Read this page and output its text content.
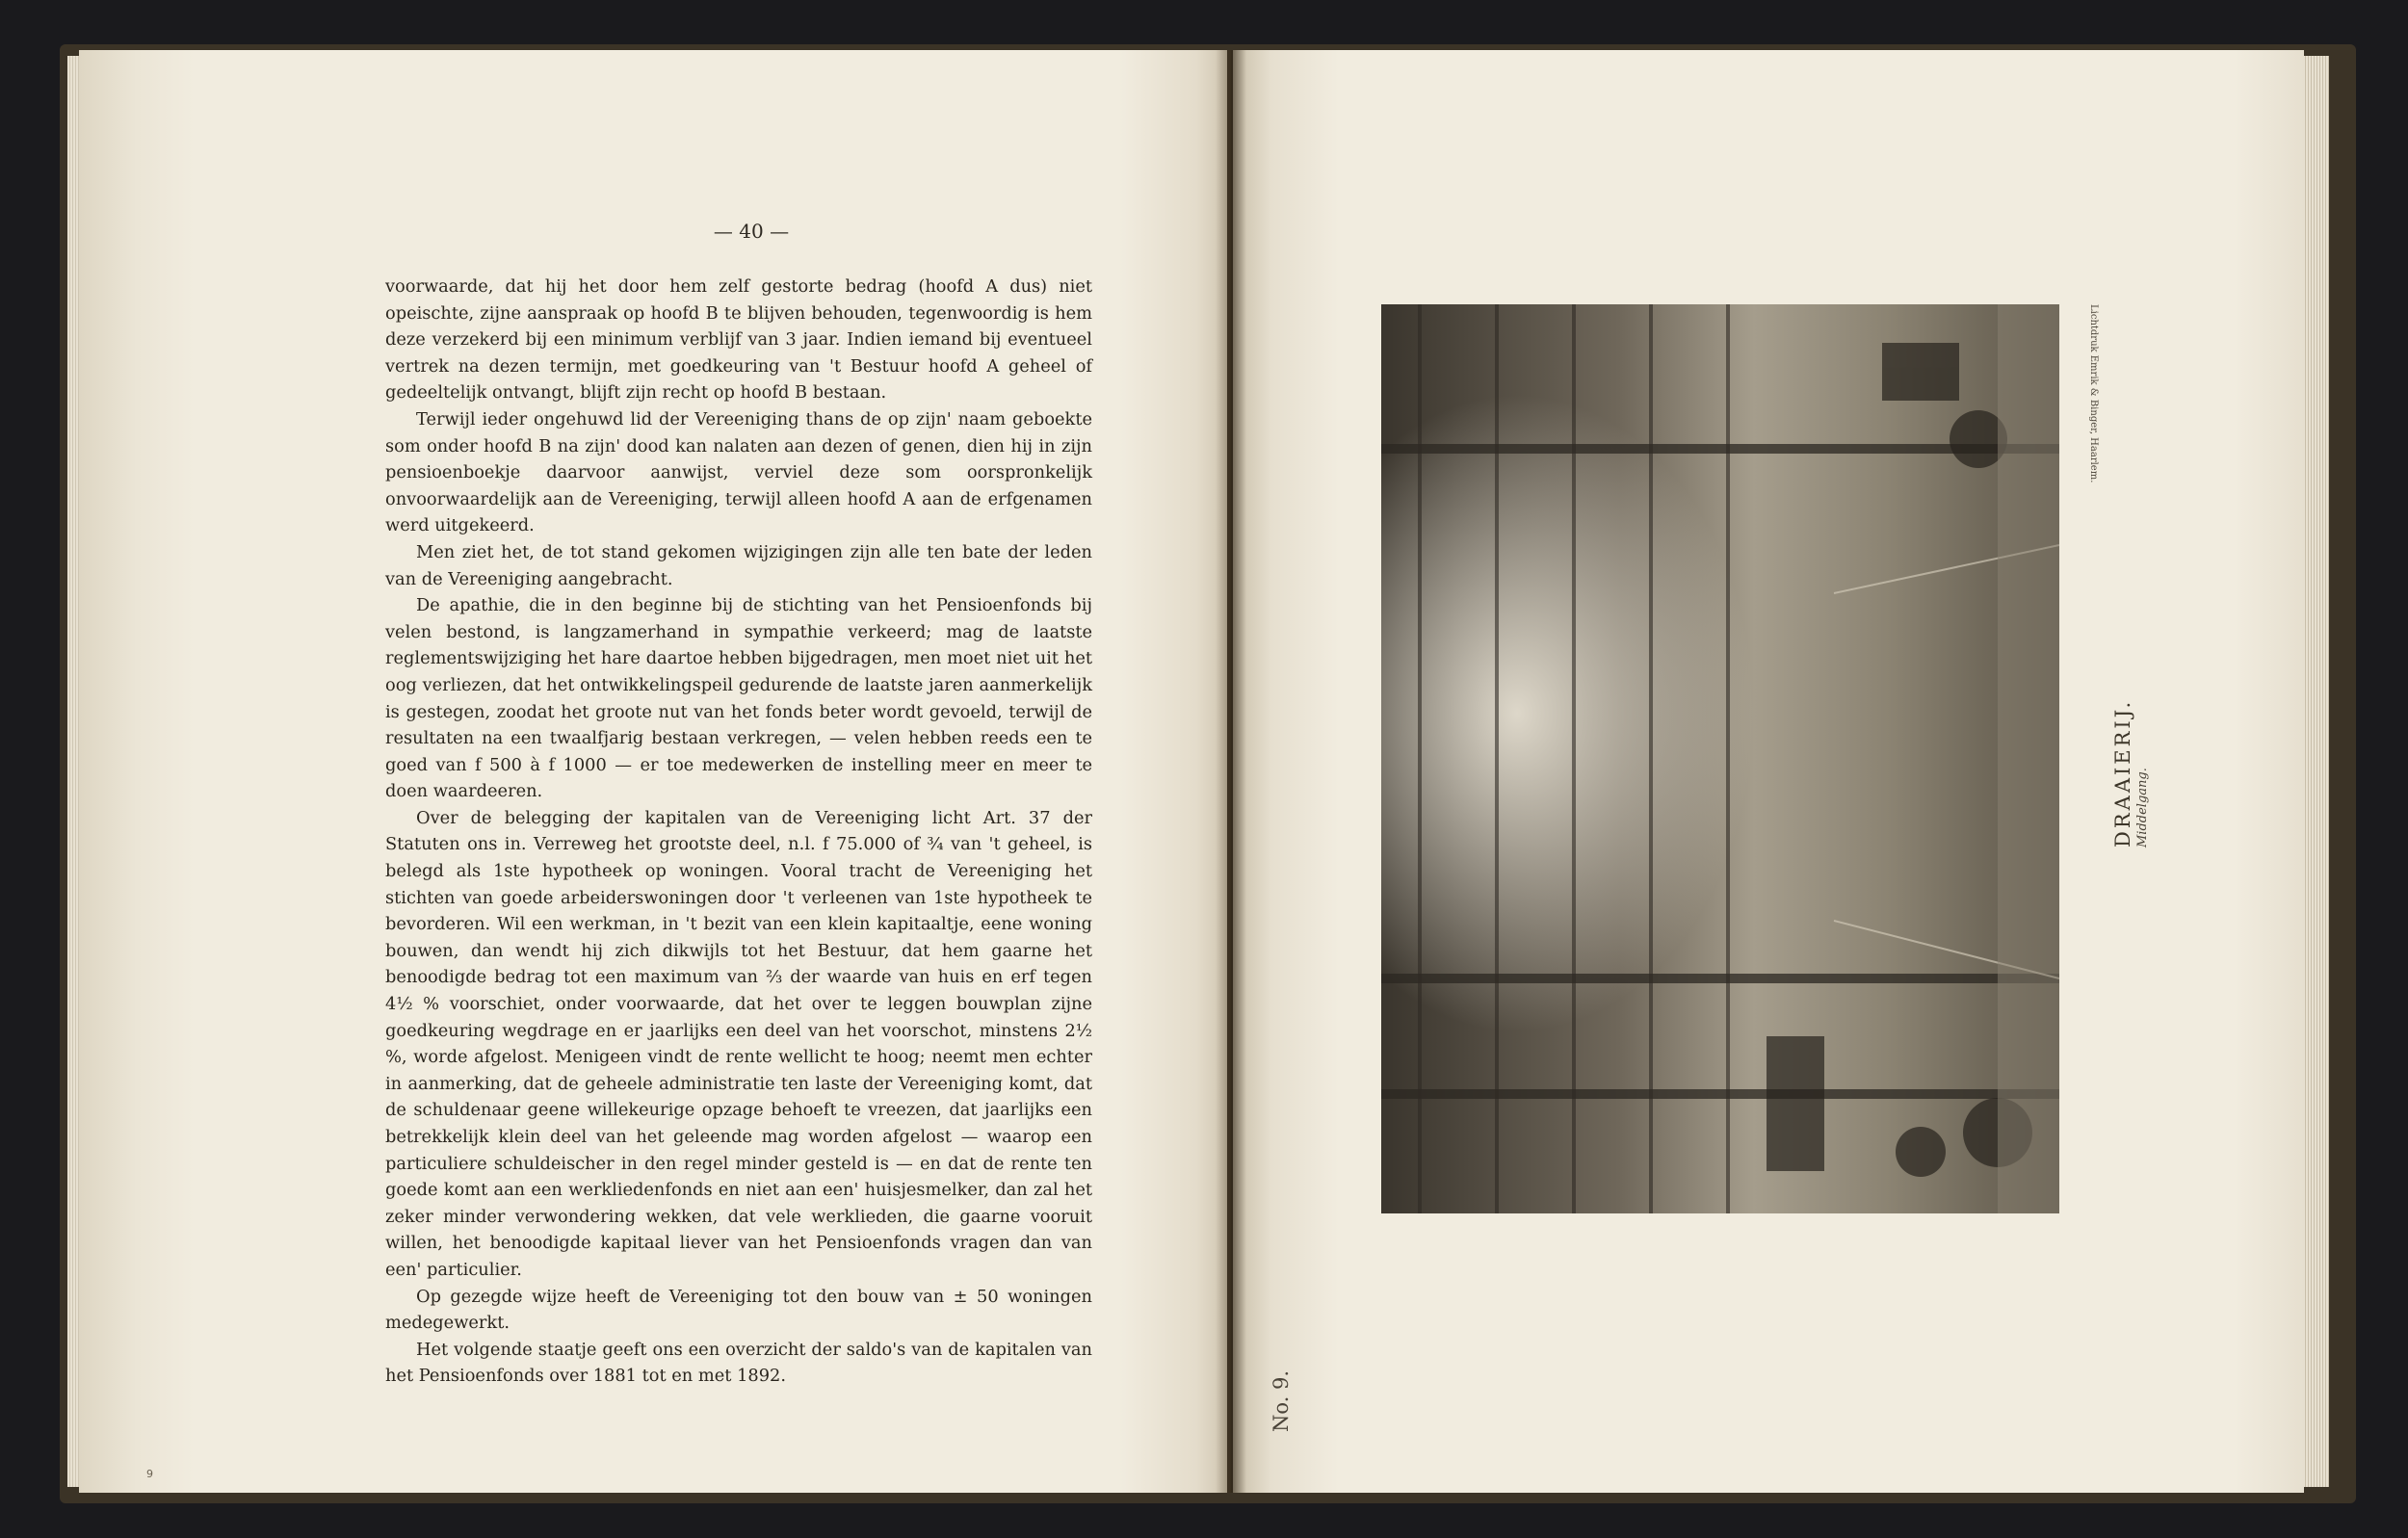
— 40 —

voorwaarde, dat hij het door hem zelf gestorte bedrag (hoofd A dus) niet opeischte, zijne aanspraak op hoofd B te blijven behouden, tegenwoordig is hem deze verzekerd bij een minimum verblijf van 3 jaar. Indien iemand bij eventueel vertrek na dezen termijn, met goedkeuring van 't Bestuur hoofd A geheel of gedeeltelijk ontvangt, blijft zijn recht op hoofd B bestaan.

Terwijl ieder ongehuwd lid der Vereeniging thans de op zijn' naam geboekte som onder hoofd B na zijn' dood kan nalaten aan dezen of genen, dien hij in zijn pensioenboekje daarvoor aanwijst, verviel deze som oorspronkelijk onvoorwaardelijk aan de Vereeniging, terwijl alleen hoofd A aan de erfgenamen werd uitgekeerd.

Men ziet het, de tot stand gekomen wijzigingen zijn alle ten bate der leden van de Vereeniging aangebracht.

De apathie, die in den beginne bij de stichting van het Pensioenfonds bij velen bestond, is langzamerhand in sympathie verkeerd; mag de laatste reglementswijziging het hare daartoe hebben bijgedragen, men moet niet uit het oog verliezen, dat het ontwikkelingspeil gedurende de laatste jaren aanmerkelijk is gestegen, zoodat het groote nut van het fonds beter wordt gevoeld, terwijl de resultaten na een twaalfjarig bestaan verkregen, — velen hebben reeds een te goed van f 500 à f 1000 — er toe medewerken de instelling meer en meer te doen waardeeren.

Over de belegging der kapitalen van de Vereeniging licht Art. 37 der Statuten ons in. Verreweg het grootste deel, n.l. f 75.000 of ¾ van 't geheel, is belegd als 1ste hypotheek op woningen. Vooral tracht de Vereeniging het stichten van goede arbeiderswoningen door 't verleenen van 1ste hypotheek te bevorderen. Wil een werkman, in 't bezit van een klein kapitaaltje, eene woning bouwen, dan wendt hij zich dikwijls tot het Bestuur, dat hem gaarne het benoodigde bedrag tot een maximum van ⅔ der waarde van huis en erf tegen 4½ % voorschiet, onder voorwaarde, dat het over te leggen bouwplan zijne goedkeuring wegdrage en er jaarlijks een deel van het voorschot, minstens 2½ %, worde afgelost. Menigeen vindt de rente wellicht te hoog; neemt men echter in aanmerking, dat de geheele administratie ten laste der Vereeniging komt, dat de schuldenaar geene willekeurige opzage behoeft te vreezen, dat jaarlijks een betrekkelijk klein deel van het geleende mag worden afgelost — waarop een particuliere schuldeischer in den regel minder gesteld is — en dat de rente ten goede komt aan een werkliedenfonds en niet aan een' huisjesmelker, dan zal het zeker minder verwondering wekken, dat vele werklieden, die gaarne vooruit willen, het benoodigde kapitaal liever van het Pensioenfonds vragen dan van een' particulier.

Op gezegde wijze heeft de Vereeniging tot den bouw van ± 50 woningen medegewerkt.

Het volgende staatje geeft ons een overzicht der saldo's van de kapitalen van het Pensioenfonds over 1881 tot en met 1892.

9
Lichtdruk Emrik & Binger, Haarlem.
DRAAIERIJ. Middelgang.
No. 9.
